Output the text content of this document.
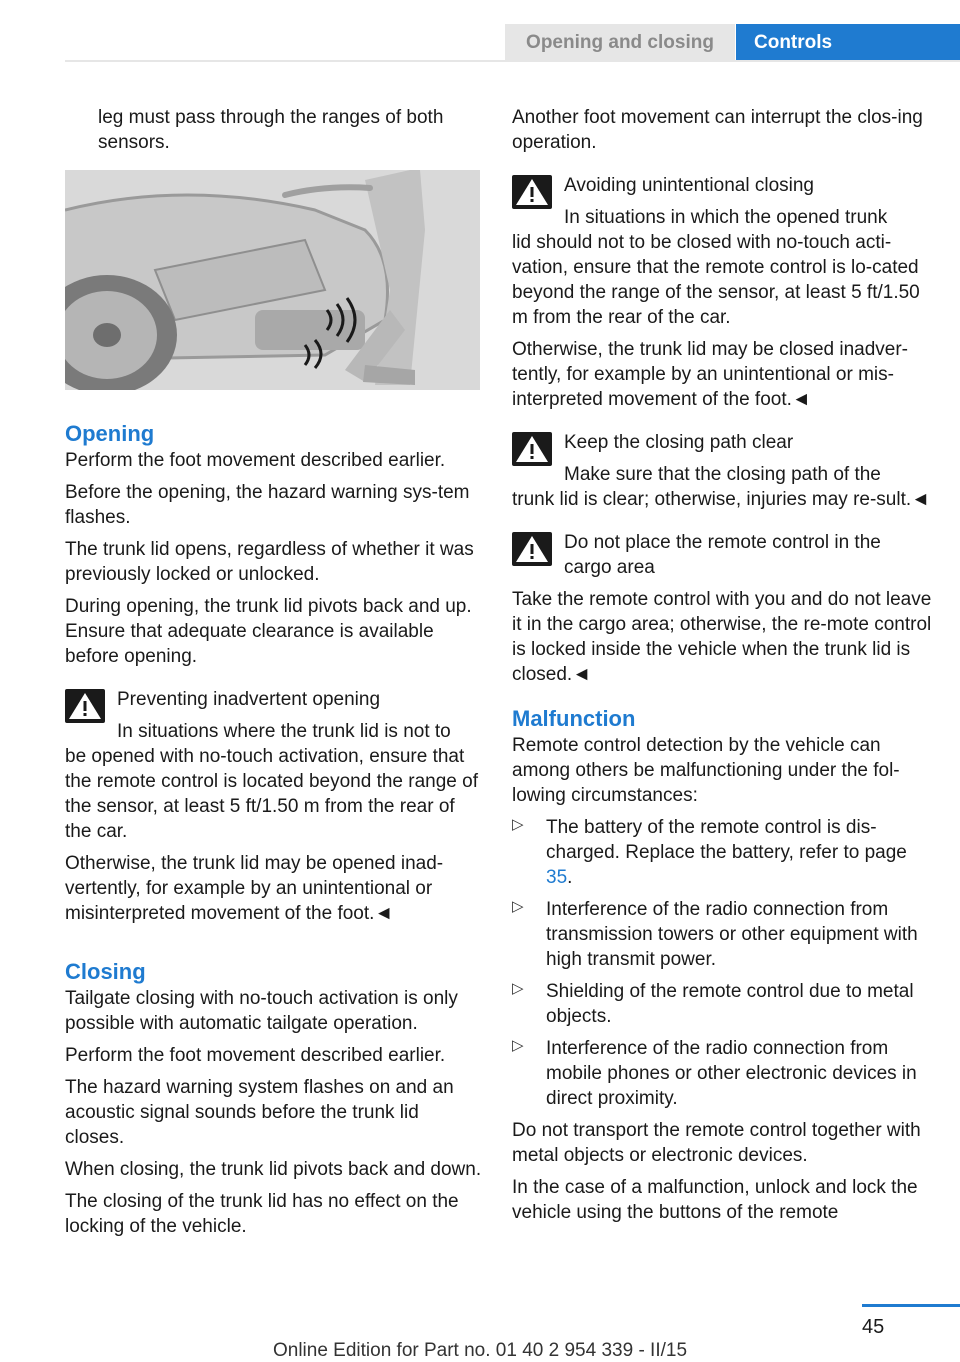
Opening and closing	Controls

leg must pass through the ranges of both sensors.

Opening

Perform the foot movement described earlier.

Before the opening, the hazard warning sys-tem flashes.

The trunk lid opens, regardless of whether it was previously locked or unlocked.

During opening, the trunk lid pivots back and up. Ensure that adequate clearance is available before opening.

Preventing inadvertent opening

In situations where the trunk lid is not to

be opened with no-touch activation, ensure that the remote control is located beyond the range of the sensor, at least 5 ft/1.50 m from the rear of the car.

Otherwise, the trunk lid may be opened inad-vertently, for example by an unintentional or misinterpreted movement of the foot.◄

Closing

Tailgate closing with no-touch activation is only possible with automatic tailgate operation.

Perform the foot movement described earlier.

The hazard warning system flashes on and an acoustic signal sounds before the trunk lid closes.

When closing, the trunk lid pivots back and down.

The closing of the trunk lid has no effect on the locking of the vehicle.

Another foot movement can interrupt the clos-ing operation.

Avoiding unintentional closing

In situations in which the opened trunk

lid should not to be closed with no-touch acti-vation, ensure that the remote control is lo-cated beyond the range of the sensor, at least 5 ft/1.50 m from the rear of the car.

Otherwise, the trunk lid may be closed inadver-tently, for example by an unintentional or mis-interpreted movement of the foot.◄

Keep the closing path clear

Make sure that the closing path of the

trunk lid is clear; otherwise, injuries may re-sult.◄

Do not place the remote control in the cargo area

Take the remote control with you and do not leave it in the cargo area; otherwise, the re-mote control is locked inside the vehicle when the trunk lid is closed.◄

Malfunction

Remote control detection by the vehicle can among others be malfunctioning under the fol-lowing circumstances:

▷ The battery of the remote control is dis-charged. Replace the battery, refer to page 35.

▷ Interference of the radio connection from transmission towers or other equipment with high transmit power.

▷ Shielding of the remote control due to metal objects.

▷ Interference of the radio connection from mobile phones or other electronic devices in direct proximity.

Do not transport the remote control together with metal objects or electronic devices.

In the case of a malfunction, unlock and lock the vehicle using the buttons of the remote

45
Online Edition for Part no. 01 40 2 954 339 - II/15
